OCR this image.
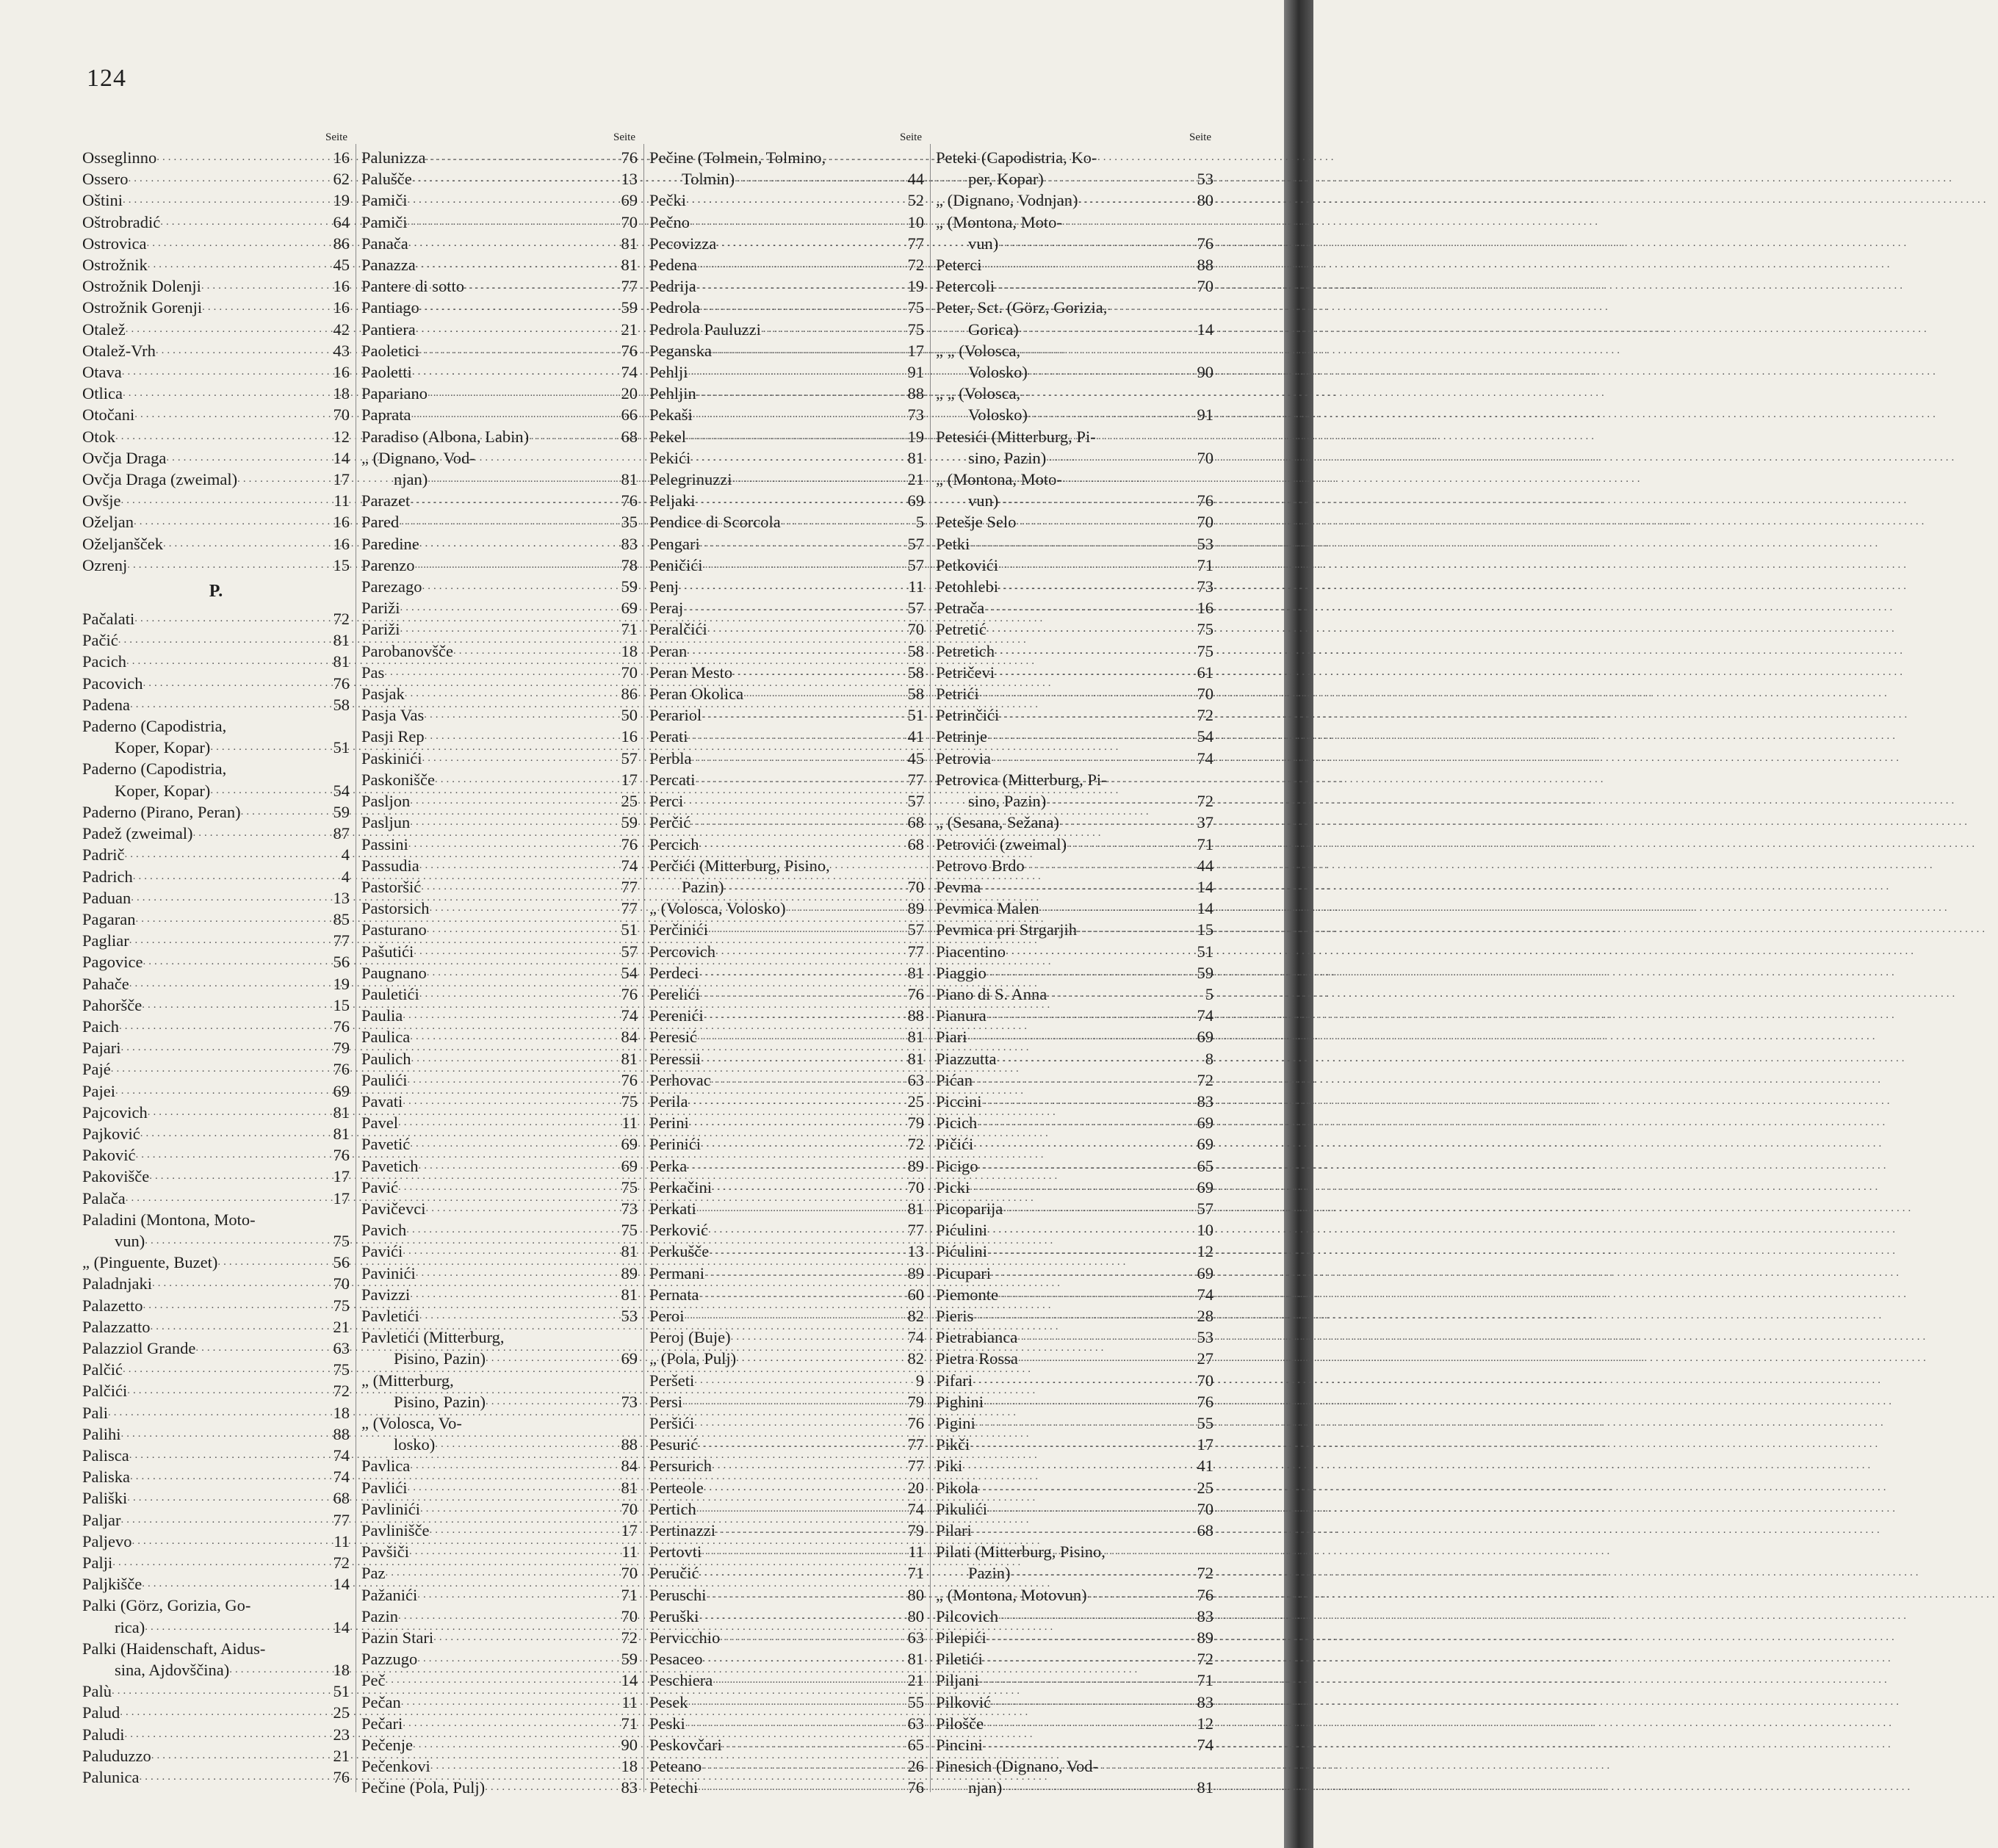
124
Seite
Osseglinno .....	16
Ossero .....	62
Oštini .....	19
Oštrobradić .....	64
Ostrovica .....	86
Ostrožnik .....	45
Ostrožnik Dolenji .....	16
Ostrožnik Gorenji .....	16
Otalež .....	42
Otalež-Vrh .....	43
Otava .....	16
Otlica .....	18
Otočani .....	70
Otok .....	12
Ovčja Draga .....	14
Ovčja Draga (zweimal) .....	17
Ovšje .....	11
Oželjan .....	16
Oželjanšček .....	16
Ozrenj .....	15
P.
Pačalati .....	72
Pačić .....	81
Pacich .....	81
Pacovich .....	76
Padena .....	58
Paderno (Capodistria,
Koper, Kopar) .....	51
Paderno (Capodistria,
Koper, Kopar) .....	54
Paderno (Pirano, Peran) .....	59
Padež (zweimal) .....	87
Padrič .....	4
Padrich .....	4
Paduan .....	13
Pagaran .....	85
Pagliar .....	77
Pagovice .....	56
Pahače .....	19
Pahoršče .....	15
Paich .....	76
Pajari .....	79
Pajé .....	76
Pajei .....	69
Pajcovich .....	81
Pajković .....	81
Paković .....	76
Pakovišče .....	17
Palača .....	17
Paladini (Montona, Moto-
vun) .....	75
„ (Pinguente, Buzet) .....	56
Paladnjaki .....	70
Palazetto .....	75
Palazzatto .....	21
Palazziol Grande .....	63
Palčić .....	75
Palčići .....	72
Pali .....	18
Palihi .....	88
Palisca .....	74
Paliska .....	74
Pališki .....	68
Paljar .....	77
Paljevo .....	11
Palji .....	72
Paljkišče .....	14
Palki (Görz, Gorizia, Go-
rica) .....	14
Palki (Haidenschaft, Aidus-
sina, Ajdovščina) .....	18
Palù .....	51
Palud .....	25
Paludi .....	23
Paluduzzo .....	21
Palunica .....	76
Seite
Palunizza .....	76
Palušče .....	13
Pamiči .....	69
Pamiči .....	70
Panača .....	81
Panazza .....	81
Pantere di sotto .....	77
Pantiago .....	59
Pantiera .....	21
Paoletici .....	76
Paoletti .....	74
Papariano .....	20
Paprata .....	66
Paradiso (Albona, Labin) .....	68
„ (Dignano, Vod-
njan) .....	81
Parazet .....	76
Pared .....	35
Paredine .....	83
Parenzo .....	78
Parezago .....	59
Pariži .....	69
Pariži .....	71
Parobanovšče .....	18
Pas .....	70
Pasjak .....	86
Pasja Vas .....	50
Pasji Rep .....	16
Paskinići .....	57
Paskonišče .....	17
Pasljon .....	25
Pasljun .....	59
Passini .....	76
Passudia .....	74
Pastoršić .....	77
Pastorsich .....	77
Pasturano .....	51
Pašutići .....	57
Paugnano .....	54
Pauletići .....	76
Paulia .....	74
Paulica .....	84
Paulich .....	81
Paulići .....	76
Pavati .....	75
Pavel .....	11
Pavetić .....	69
Pavetich .....	69
Pavić .....	75
Pavičevci .....	73
Pavich .....	75
Pavići .....	81
Pavinići .....	89
Pavizzi .....	81
Pavletići .....	53
Pavletići (Mitterburg,
Pisino, Pazin) .....	69
„ (Mitterburg,
Pisino, Pazin) .....	73
„ (Volosca, Vo-
losko) .....	88
Pavlica .....	84
Pavlići .....	81
Pavlinići .....	70
Pavlinišče .....	17
Pavšiči .....	11
Paz .....	70
Pažanići .....	71
Pazin .....	70
Pazin Stari .....	72
Pazzugo .....	59
Peč .....	14
Pečan .....	11
Pečari .....	71
Pečenje .....	90
Pečenkovi .....	18
Pečine (Pola, Pulj) .....	83
Seite
Pečine (Tolmein, Tolmino,
Tolmin) .....	44
Pečki .....	52
Pečno .....	10
Pecovizza .....	77
Pedena .....	72
Pedrija .....	19
Pedrola .....	75
Pedrola Pauluzzi .....	75
Peganska .....	17
Pehlji .....	91
Pehljin .....	88
Pekaši .....	73
Pekel .....	19
Pekići .....	81
Pelegrinuzzi .....	21
Peljaki .....	69
Pendice di Scorcola .....	5
Pengari .....	57
Peničići .....	57
Penj .....	11
Peraj .....	57
Peralčići .....	70
Peran .....	58
Peran Mesto .....	58
Peran Okolica .....	58
Perariol .....	51
Perati .....	41
Perbla .....	45
Percati .....	77
Perci .....	57
Perčić .....	68
Percich .....	68
Perčići (Mitterburg, Pisino,
Pazin) .....	70
„ (Volosca, Volosko) .....	89
Perčinići .....	57
Percovich .....	77
Perdeci .....	81
Perelići .....	76
Perenići .....	88
Peresić .....	81
Peressii .....	81
Perhovac .....	63
Perila .....	25
Perini .....	79
Perinići .....	72
Perka .....	89
Perkačini .....	70
Perkati .....	81
Perković .....	77
Perkušče .....	13
Permani .....	89
Pernata .....	60
Peroi .....	82
Peroj (Buje) .....	74
„ (Pola, Pulj) .....	82
Peršeti .....	9
Persi .....	79
Peršići .....	76
Pesurić .....	77
Persurich .....	77
Perteole .....	20
Pertich .....	74
Pertinazzi .....	79
Pertovti .....	11
Peručić .....	71
Peruschi .....	80
Peruški .....	80
Pervicchio .....	63
Pesaceo .....	81
Peschiera .....	21
Pesek .....	55
Peski .....	63
Peskovčari .....	65
Peteano .....	26
Petechi .....	76
Seite
Peteki (Capodistria, Ko-
per, Kopar) .....	53
„ (Dignano, Vodnjan) .....	80
„ (Montona, Moto-
vun) .....	76
Peterci .....	88
Petercoli .....	70
Peter, Sct. (Görz, Gorizia,
Gorica) .....	14
„ „ (Volosca,
Volosko) .....	90
„ „ (Volosca,
Volosko) .....	91
Petesići (Mitterburg, Pi-
sino, Pazin) .....	70
„ (Montona, Moto-
vun) .....	76
Petešje Selo .....	70
Petki .....	53
Petkovići .....	71
Petohlebi .....	73
Petrača .....	16
Petretić .....	75
Petretich .....	75
Petričevi .....	61
Petrići .....	70
Petrinčići .....	72
Petrinje .....	54
Petrovia .....	74
Petrovica (Mitterburg, Pi-
sino, Pazin) .....	72
„ (Sesana, Sežana) .....	37
Petrovići (zweimal) .....	71
Petrovo Brdo .....	44
Pevma .....	14
Pevmica Malen .....	14
Pevmica pri Strgarjih .....	15
Piacentino .....	51
Piaggio .....	59
Piano di S. Anna .....	5
Pianura .....	74
Piari .....	69
Piazzutta .....	8
Pićan .....	72
Piccini .....	83
Picich .....	69
Pičići .....	69
Picigo .....	65
Picki .....	69
Picoparija .....	57
Pićulini .....	10
Pićulini .....	12
Picupari .....	69
Piemonte .....	74
Pieris .....	28
Pietrabianca .....	53
Pietra Rossa .....	27
Pifari .....	70
Pighini .....	76
Pigini .....	55
Pikči .....	17
Piki .....	41
Pikola .....	25
Pikulići .....	70
Pilari .....	68
Pilati (Mitterburg, Pisino,
Pazin) .....	72
„ (Montona, Motovun) .....	76
Pilcovich .....	83
Pilepići .....	89
Piletići .....	72
Piljani .....	71
Pilković .....	83
Pilošče .....	12
Pincini .....	74
Pinesich (Dignano, Vod-
njan) .....	81
